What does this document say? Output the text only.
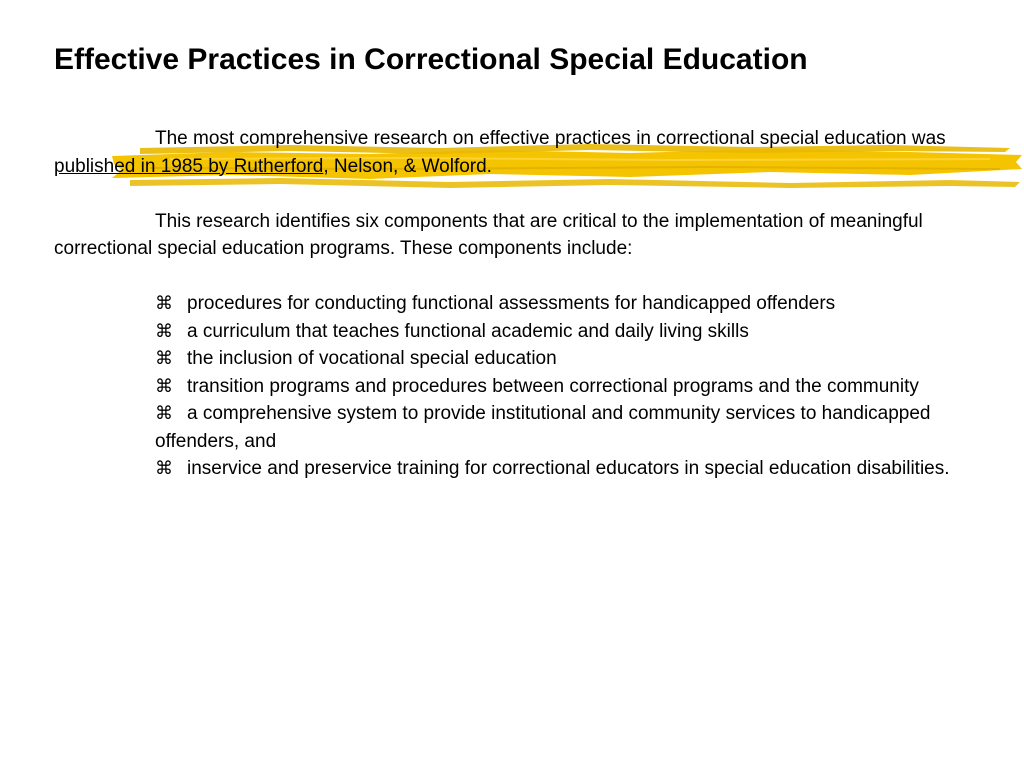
Effective Practices in Correctional Special Education

The most comprehensive research on effective practices in correctional special education was published in 1985 by Rutherford, Nelson, & Wolford.

This research identifies six components that are critical to the implementation of meaningful correctional special education programs. These components include:

⌘ procedures for conducting functional assessments for handicapped offenders
⌘ a curriculum that teaches functional academic and daily living skills
⌘ the inclusion of vocational special education
⌘ transition programs and procedures between correctional programs and the community
⌘ a comprehensive system to provide institutional and community services to handicapped offenders, and
⌘ inservice and preservice training for correctional educators in special education disabilities.
